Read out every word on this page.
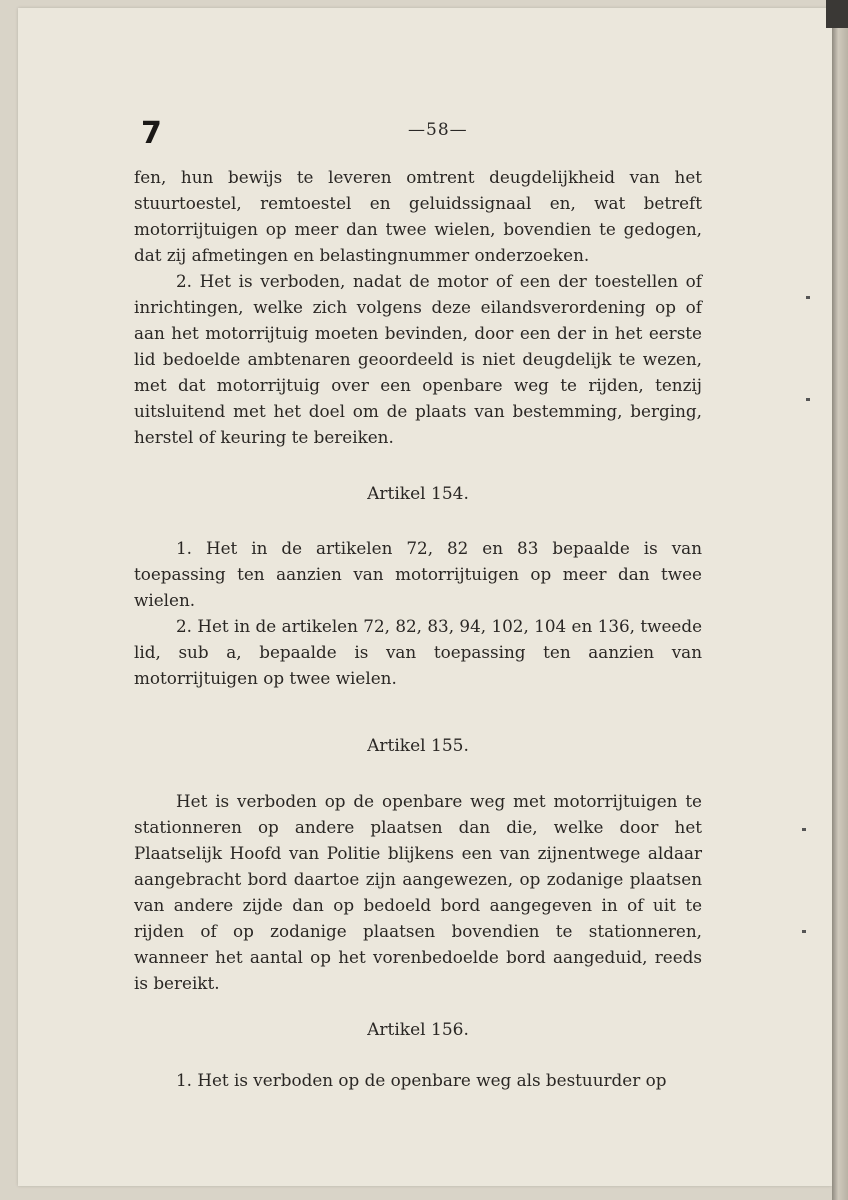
7	—58—

fen, hun bewijs te leveren omtrent deugdelijkheid van het stuurtoestel, remtoestel en geluidssignaal en, wat betreft motorrijtuigen op meer dan twee wielen, bovendien te gedogen, dat zij afmetingen en belastingnummer onderzoeken.

2. Het is verboden, nadat de motor of een der toestellen of inrichtingen, welke zich volgens deze eilandsverordening op of aan het motorrijtuig moeten bevinden, door een der in het eerste lid bedoelde ambtenaren geoordeeld is niet deugdelijk te wezen, met dat motorrijtuig over een openbare weg te rijden, tenzij uitsluitend met het doel om de plaats van bestemming, berging, herstel of keuring te bereiken.

Artikel 154.

1. Het in de artikelen 72, 82 en 83 bepaalde is van toepassing ten aanzien van motorrijtuigen op meer dan twee wielen.

2. Het in de artikelen 72, 82, 83, 94, 102, 104 en 136, tweede lid, sub a, bepaalde is van toepassing ten aanzien van motorrijtuigen op twee wielen.

Artikel 155.

Het is verboden op de openbare weg met motorrijtuigen te stationneren op andere plaatsen dan die, welke door het Plaatselijk Hoofd van Politie blijkens een van zijnentwege aldaar aangebracht bord daartoe zijn aangewezen, op zodanige plaatsen van andere zijde dan op bedoeld bord aangegeven in of uit te rijden of op zodanige plaatsen bovendien te stationneren, wanneer het aantal op het vorenbedoelde bord aangeduid, reeds is bereikt.

Artikel 156.

1. Het is verboden op de openbare weg als bestuurder op
